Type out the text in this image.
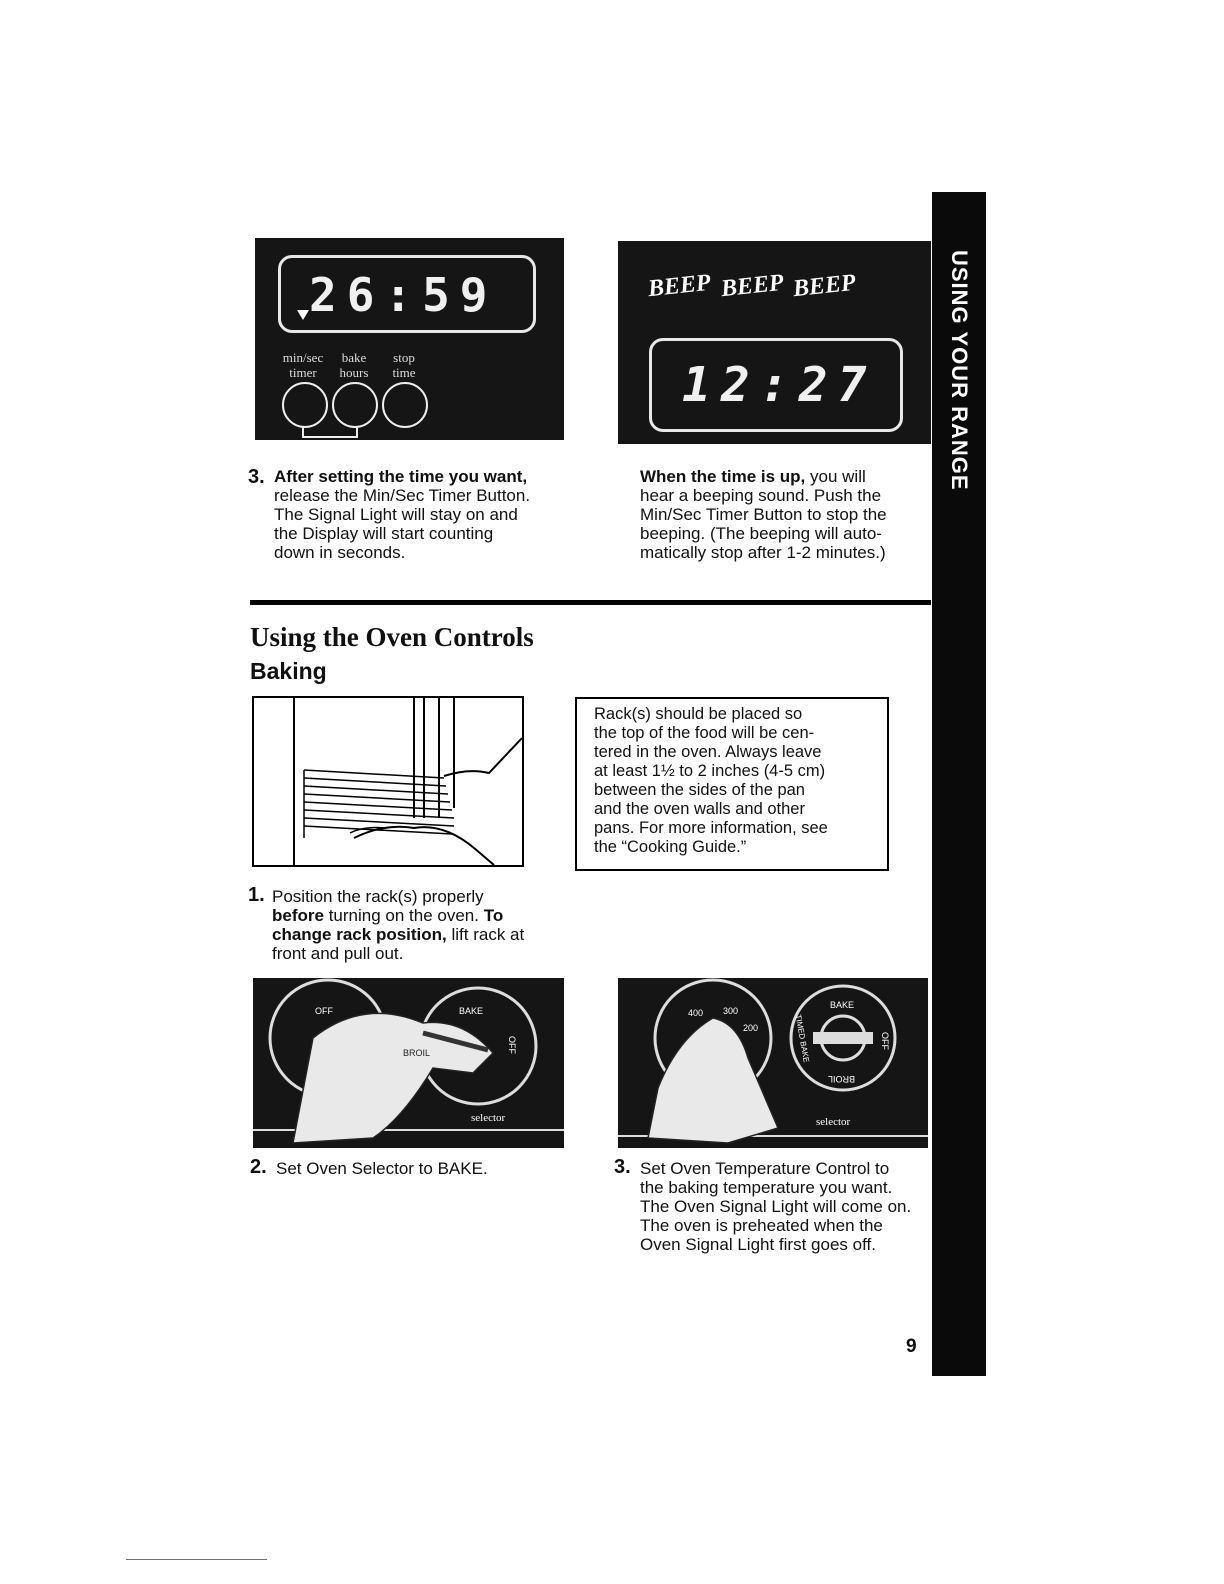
USING YOUR RANGE
26:59
min/sec
timer
bake
hours
stop
time
BEEP BEEP BEEP
12:27
3. After setting the time you want,
release the Min/Sec Timer Button.
The Signal Light will stay on and
the Display will start counting
down in seconds.
When the time is up, you will
hear a beeping sound. Push the
Min/Sec Timer Button to stop the
beeping. (The beeping will auto-
matically stop after 1-2 minutes.)
Using the Oven Controls
Baking
Rack(s) should be placed so
the top of the food will be cen-
tered in the oven. Always leave
at least 1½ to 2 inches (4-5 cm)
between the sides of the pan
and the oven walls and other
pans. For more information, see
the “Cooking Guide.”
1. Position the rack(s) properly
before turning on the oven. To
change rack position, lift rack at
front and pull out.
OFF	BAKE
OFF
BROIL
selector
400 300
200
BAKE
TIMED BAKE	OFF
BROIL
selector
2. Set Oven Selector to BAKE.	3. Set Oven Temperature Control to
the baking temperature you want.
The Oven Signal Light will come on.
The oven is preheated when the
Oven Signal Light first goes off.
9
